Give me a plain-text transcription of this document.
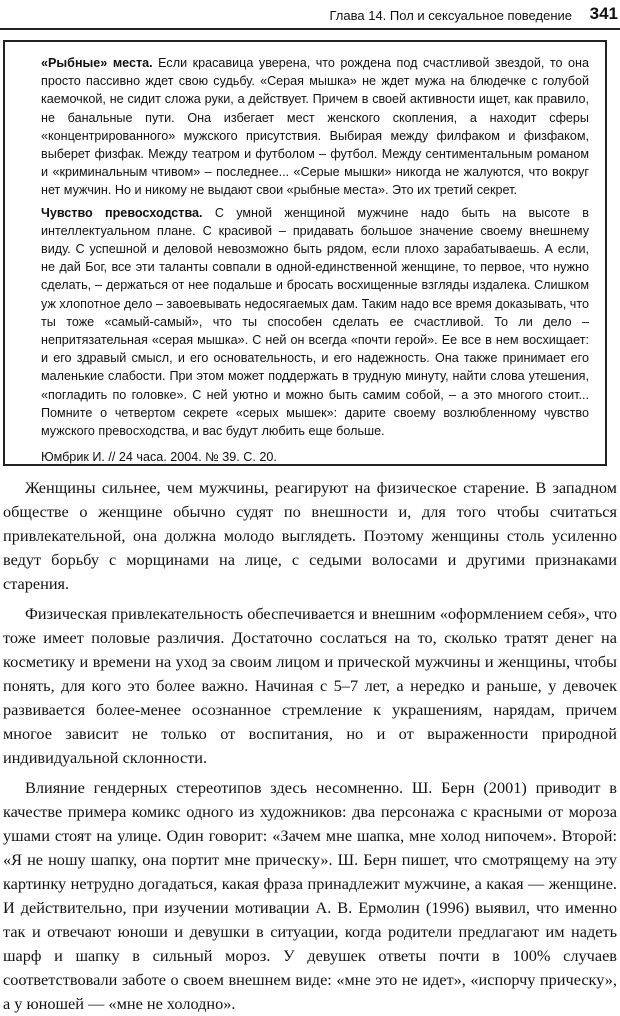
Глава 14. Пол и сексуальное поведение 341

«Рыбные» места. Если красавица уверена, что рождена под счастливой звездой, то она просто пассивно ждет свою судьбу. «Серая мышка» не ждет мужа на блюдечке с голубой каемочкой, не сидит сложа руки, а действует. Причем в своей активности ищет, как правило, не банальные пути. Она избегает мест женского скопления, а находит сферы «концентрированного» мужского присутствия. Выбирая между филфаком и физфаком, выберет физфак. Между театром и футболом – футбол. Между сентиментальным романом и «криминальным чтивом» – последнее... «Серые мышки» никогда не жалуются, что вокруг нет мужчин. Но и никому не выдают свои «рыбные места». Это их третий секрет.

Чувство превосходства. С умной женщиной мужчине надо быть на высоте в интеллектуальном плане. С красивой – придавать большое значение своему внешнему виду. С успешной и деловой невозможно быть рядом, если плохо зарабатываешь. А если, не дай Бог, все эти таланты совпали в одной-единственной женщине, то первое, что нужно сделать, – держаться от нее подальше и бросать восхищенные взгляды издалека. Слишком уж хлопотное дело – завоевывать недосягаемых дам. Таким надо все время доказывать, что ты тоже «самый-самый», что ты способен сделать ее счастливой. То ли дело – непритязательная «серая мышка». С ней он всегда «почти герой». Ее все в нем восхищает: и его здравый смысл, и его основательность, и его надежность. Она также принимает его маленькие слабости. При этом может поддержать в трудную минуту, найти слова утешения, «погладить по головке». С ней уютно и можно быть самим собой, – а это многого стоит... Помните о четвертом секрете «серых мышек»: дарите своему возлюбленному чувство мужского превосходства, и вас будут любить еще больше.

Юмбрик И. // 24 часа. 2004. № 39. С. 20.

Женщины сильнее, чем мужчины, реагируют на физическое старение. В западном обществе о женщине обычно судят по внешности и, для того чтобы считаться привлекательной, она должна молодо выглядеть. Поэтому женщины столь усиленно ведут борьбу с морщинами на лице, с седыми волосами и другими признаками старения.

Физическая привлекательность обеспечивается и внешним «оформлением себя», что тоже имеет половые различия. Достаточно сослаться на то, сколько тратят денег на косметику и времени на уход за своим лицом и прической мужчины и женщины, чтобы понять, для кого это более важно. Начиная с 5–7 лет, а нередко и раньше, у девочек развивается более-менее осознанное стремление к украшениям, нарядам, причем многое зависит не только от воспитания, но и от выраженности природной индивидуальной склонности.

Влияние гендерных стереотипов здесь несомненно. Ш. Берн (2001) приводит в качестве примера комикс одного из художников: два персонажа с красными от мороза ушами стоят на улице. Один говорит: «Зачем мне шапка, мне холод нипочем». Второй: «Я не ношу шапку, она портит мне прическу». Ш. Берн пишет, что смотрящему на эту картинку нетрудно догадаться, какая фраза принадлежит мужчине, а какая — женщине. И действительно, при изучении мотивации А. В. Ермолин (1996) выявил, что именно так и отвечают юноши и девушки в ситуации, когда родители предлагают им надеть шарф и шапку в сильный мороз. У девушек ответы почти в 100% случаев соответствовали заботе о своем внешнем виде: «мне это не идет», «испорчу прическу», а у юношей — «мне не холодно».
